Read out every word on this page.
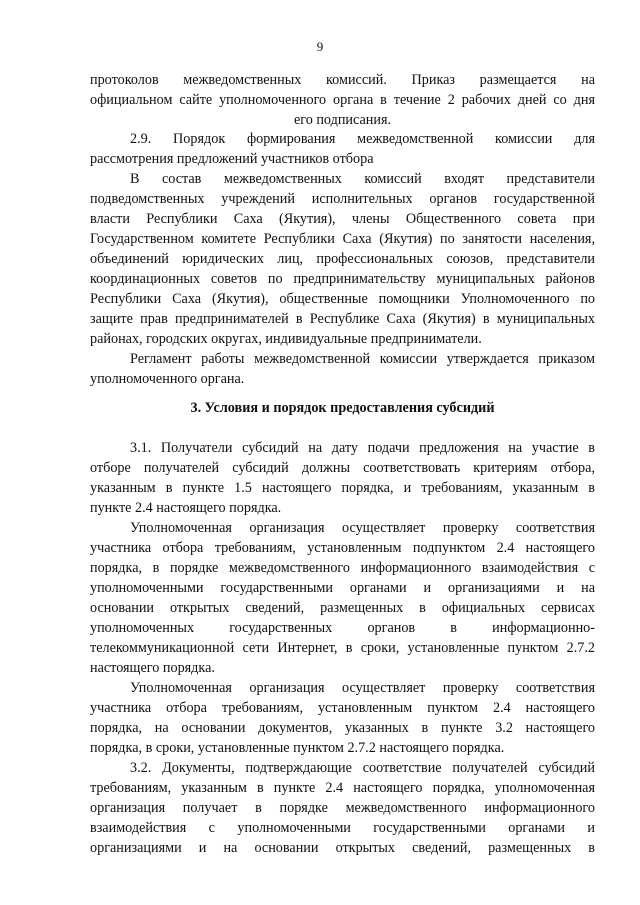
9
протоколов межведомственных комиссий. Приказ размещается на
официальном сайте уполномоченного органа в течение 2 рабочих дней со дня
его подписания.
2.9. Порядок формирования межведомственной комиссии для
рассмотрения предложений участников отбора
В состав межведомственных комиссий входят представители
подведомственных учреждений исполнительных органов государственной
власти Республики Саха (Якутия), члены Общественного совета при
Государственном комитете Республики Саха (Якутия) по занятости населения,
объединений юридических лиц, профессиональных союзов, представители
координационных советов по предпринимательству муниципальных районов
Республики Саха (Якутия), общественные помощники Уполномоченного по
защите прав предпринимателей в Республике Саха (Якутия) в муниципальных
районах, городских округах, индивидуальные предприниматели.
Регламент работы межведомственной комиссии утверждается приказом
уполномоченного органа.
3. Условия и порядок предоставления субсидий
3.1. Получатели субсидий на дату подачи предложения на участие в
отборе получателей субсидий должны соответствовать критериям отбора,
указанным в пункте 1.5 настоящего порядка, и требованиям, указанным в
пункте 2.4 настоящего порядка.
Уполномоченная организация осуществляет проверку соответствия
участника отбора требованиям, установленным подпунктом 2.4 настоящего
порядка, в порядке межведомственного информационного взаимодействия с
уполномоченными государственными органами и организациями и на
основании открытых сведений, размещенных в официальных сервисах
уполномоченных государственных органов в информационно-
телекоммуникационной сети Интернет, в сроки, установленные пунктом 2.7.2
настоящего порядка.
Уполномоченная организация осуществляет проверку соответствия
участника отбора требованиям, установленным пунктом 2.4 настоящего
порядка, на основании документов, указанных в пункте 3.2 настоящего
порядка, в сроки, установленные пунктом 2.7.2 настоящего порядка.
3.2. Документы, подтверждающие соответствие получателей субсидий
требованиям, указанным в пункте 2.4 настоящего порядка, уполномоченная
организация получает в порядке межведомственного информационного
взаимодействия с уполномоченными государственными органами и
организациями и на основании открытых сведений, размещенных в
